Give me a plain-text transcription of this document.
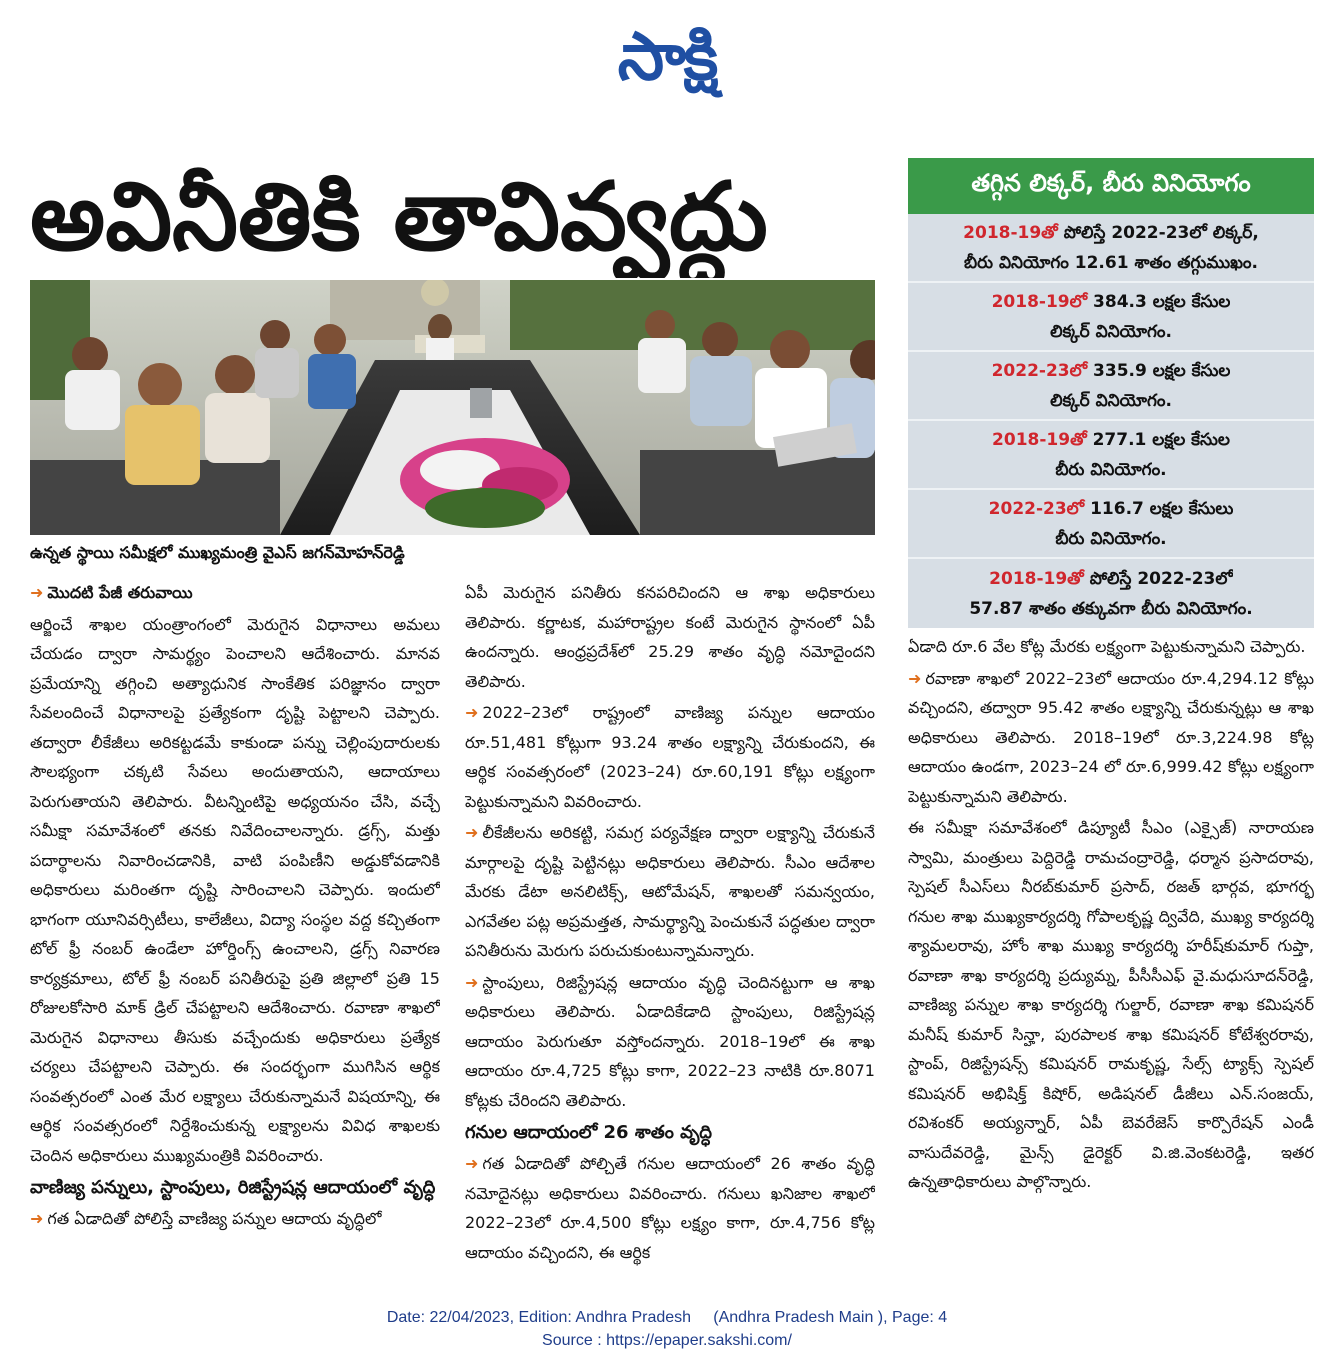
సాక్షి
అవినీతికి తావివ్వద్దు
ఉన్నత స్థాయి సమీక్షలో ముఖ్యమంత్రి వైఎస్‌ జగన్‌మోహన్‌రెడ్డి
తగ్గిన లిక్కర్‌, బీరు వినియోగం
2018-19తో పోలిస్తే 2022-23లో లిక్కర్‌,
బీరు వినియోగం 12.61 శాతం తగ్గుముఖం.
2018-19లో 384.3 లక్షల కేసుల
లిక్కర్‌ వినియోగం.
2022-23లో 335.9 లక్షల కేసుల
లిక్కర్‌ వినియోగం.
2018-19తో 277.1 లక్షల కేసుల
బీరు వినియోగం.
2022-23లో 116.7 లక్షల కేసులు
బీరు వినియోగం.
2018-19తో పోలిస్తే 2022-23లో
57.87 శాతం తక్కువగా బీరు వినియోగం.

➜ మొదటి పేజీ తరువాయి

ఆర్జించే శాఖల యంత్రాంగంలో మెరుగైన విధానాలు అమలు చేయడం ద్వారా సామర్థ్యం పెంచాలని ఆదేశించారు. మానవ ప్రమేయాన్ని తగ్గించి అత్యాధునిక సాంకేతిక పరిజ్ఞానం ద్వారా సేవలందించే విధానాలపై ప్రత్యేకంగా దృష్టి పెట్టాలని చెప్పారు. తద్వారా లీకేజీలు అరికట్టడమే కాకుండా పన్ను చెల్లింపుదారులకు సౌలభ్యంగా చక్కటి సేవలు అందుతాయని, ఆదాయాలు పెరుగుతాయని తెలిపారు. వీటన్నింటిపై అధ్యయనం చేసి, వచ్చే సమీక్షా సమావేశంలో తనకు నివేదించాలన్నారు. డ్రగ్స్‌, మత్తు పదార్థాలను నివారించడానికి, వాటి పంపిణీని అడ్డుకోవడానికి అధికారులు మరింతగా దృష్టి సారించాలని చెప్పారు. ఇందులో భాగంగా యూనివర్సిటీలు, కాలేజీలు, విద్యా సంస్థల వద్ద కచ్చితంగా టోల్‌ ఫ్రీ నంబర్‌ ఉండేలా హోర్డింగ్స్‌ ఉంచాలని, డ్రగ్స్‌ నివారణ కార్యక్రమాలు, టోల్‌ ఫ్రీ నంబర్‌ పనితీరుపై ప్రతి జిల్లాలో ప్రతి 15 రోజులకోసారి మాక్‌ డ్రిల్‌ చేపట్టాలని ఆదేశించారు. రవాణా శాఖలో మెరుగైన విధానాలు తీసుకు వచ్చేందుకు అధికారులు ప్రత్యేక చర్యలు చేపట్టాలని చెప్పారు. ఈ సందర్భంగా ముగిసిన ఆర్థిక సంవత్సరంలో ఎంత మేర లక్ష్యాలు చేరుకున్నామనే విషయాన్ని, ఈ ఆర్థిక సంవత్సరంలో నిర్దేశించుకున్న లక్ష్యాలను వివిధ శాఖలకు చెందిన అధికారులు ముఖ్యమంత్రికి వివరించారు.

వాణిజ్య పన్నులు, స్టాంపులు, రిజిస్ట్రేషన్ల ఆదాయంలో వృద్ధి

➜ గత ఏడాదితో పోలిస్తే వాణిజ్య పన్నుల ఆదాయ వృద్ధిలో

ఏపీ మెరుగైన పనితీరు కనపరిచిందని ఆ శాఖ అధికారులు తెలిపారు. కర్ణాటక, మహారాష్ట్రల కంటే మెరుగైన స్థానంలో ఏపీ ఉందన్నారు. ఆంధ్రప్రదేశ్‌లో 25.29 శాతం వృద్ధి నమోదైందని తెలిపారు.

➜ 2022–23లో రాష్ట్రంలో వాణిజ్య పన్నుల ఆదాయం రూ.51,481 కోట్లుగా 93.24 శాతం లక్ష్యాన్ని చేరుకుందని, ఈ ఆర్థిక సంవత్సరంలో (2023–24) రూ.60,191 కోట్లు లక్ష్యంగా పెట్టుకున్నామని వివరించారు.

➜ లీకేజీలను అరికట్టి, సమగ్ర పర్యవేక్షణ ద్వారా లక్ష్యాన్ని చేరుకునే మార్గాలపై దృష్టి పెట్టినట్లు అధికారులు తెలిపారు. సీఎం ఆదేశాల మేరకు డేటా అనలిటిక్స్‌, ఆటోమేషన్‌, శాఖలతో సమన్వయం, ఎగవేతల పట్ల అప్రమత్తత, సామర్థ్యాన్ని పెంచుకునే పద్ధతుల ద్వారా పనితీరును మెరుగు పరుచుకుంటున్నామన్నారు.

➜ స్టాంపులు, రిజిస్ట్రేషన్ల ఆదాయం వృద్ధి చెందినట్టుగా ఆ శాఖ అధికారులు తెలిపారు. ఏడాదికేడాది స్టాంపులు, రిజిస్ట్రేషన్ల ఆదాయం పెరుగుతూ వస్తోందన్నారు. 2018–19లో ఈ శాఖ ఆదాయం రూ.4,725 కోట్లు కాగా, 2022–23 నాటికి రూ.8071 కోట్లకు చేరిందని తెలిపారు.

గనుల ఆదాయంలో 26 శాతం వృద్ధి

➜ గత ఏడాదితో పోల్చితే గనుల ఆదాయంలో 26 శాతం వృద్ధి నమోదైనట్లు అధికారులు వివరించారు. గనులు ఖనిజాల శాఖలో 2022–23లో రూ.4,500 కోట్లు లక్ష్యం కాగా, రూ.4,756 కోట్ల ఆదాయం వచ్చిందని, ఈ ఆర్థిక

ఏడాది రూ.6 వేల కోట్ల మేరకు లక్ష్యంగా పెట్టుకున్నామని చెప్పారు.

➜ రవాణా శాఖలో 2022–23లో ఆదాయం రూ.4,294.12 కోట్లు వచ్చిందని, తద్వారా 95.42 శాతం లక్ష్యాన్ని చేరుకున్నట్లు ఆ శాఖ అధికారులు తెలిపారు. 2018–19లో రూ.3,224.98 కోట్ల ఆదాయం ఉండగా, 2023–24 లో రూ.6,999.42 కోట్లు లక్ష్యంగా పెట్టుకున్నామని తెలిపారు.

ఈ సమీక్షా సమావేశంలో డిప్యూటీ సీఎం (ఎక్సైజ్‌) నారాయణ స్వామి, మంత్రులు పెద్దిరెడ్డి రామచంద్రారెడ్డి, ధర్మాన ప్రసాదరావు, స్పెషల్‌ సీఎస్‌లు నీరబ్‌కుమార్‌ ప్రసాద్‌, రజత్‌ భార్గవ, భూగర్భ గనుల శాఖ ముఖ్యకార్యదర్శి గోపాలకృష్ణ ద్వివేది, ముఖ్య కార్యదర్శి శ్యామలరావు, హోం శాఖ ముఖ్య కార్యదర్శి హరీష్‌కుమార్‌ గుప్తా, రవాణా శాఖ కార్యదర్శి ప్రద్యుమ్న, పీసీసీఎఫ్‌ వై.మధుసూదన్‌రెడ్డి, వాణిజ్య పన్నుల శాఖ కార్యదర్శి గుల్జార్‌, రవాణా శాఖ కమిషనర్‌ మనీష్‌ కుమార్‌ సిన్హా, పురపాలక శాఖ కమిషనర్‌ కోటేశ్వరరావు, స్టాంప్‌, రిజిస్ట్రేషన్స్‌ కమిషనర్‌ రామకృష్ణ, సేల్స్‌ ట్యాక్స్‌ స్పెషల్‌ కమిషనర్‌ అభిషిక్త్‌ కిషోర్‌, అడిషనల్‌ డీజీలు ఎన్‌.సంజయ్‌, రవిశంకర్‌ అయ్యన్నార్‌, ఏపీ బెవరేజెస్‌ కార్పొరేషన్‌ ఎండీ వాసుదేవరెడ్డి, మైన్స్‌ డైరెక్టర్‌ వి.జి.వెంకటరెడ్డి, ఇతర ఉన్నతాధికారులు పాల్గొన్నారు.

Date: 22/04/2023, Edition: Andhra Pradesh     (Andhra Pradesh Main ), Page: 4
Source : https://epaper.sakshi.com/
